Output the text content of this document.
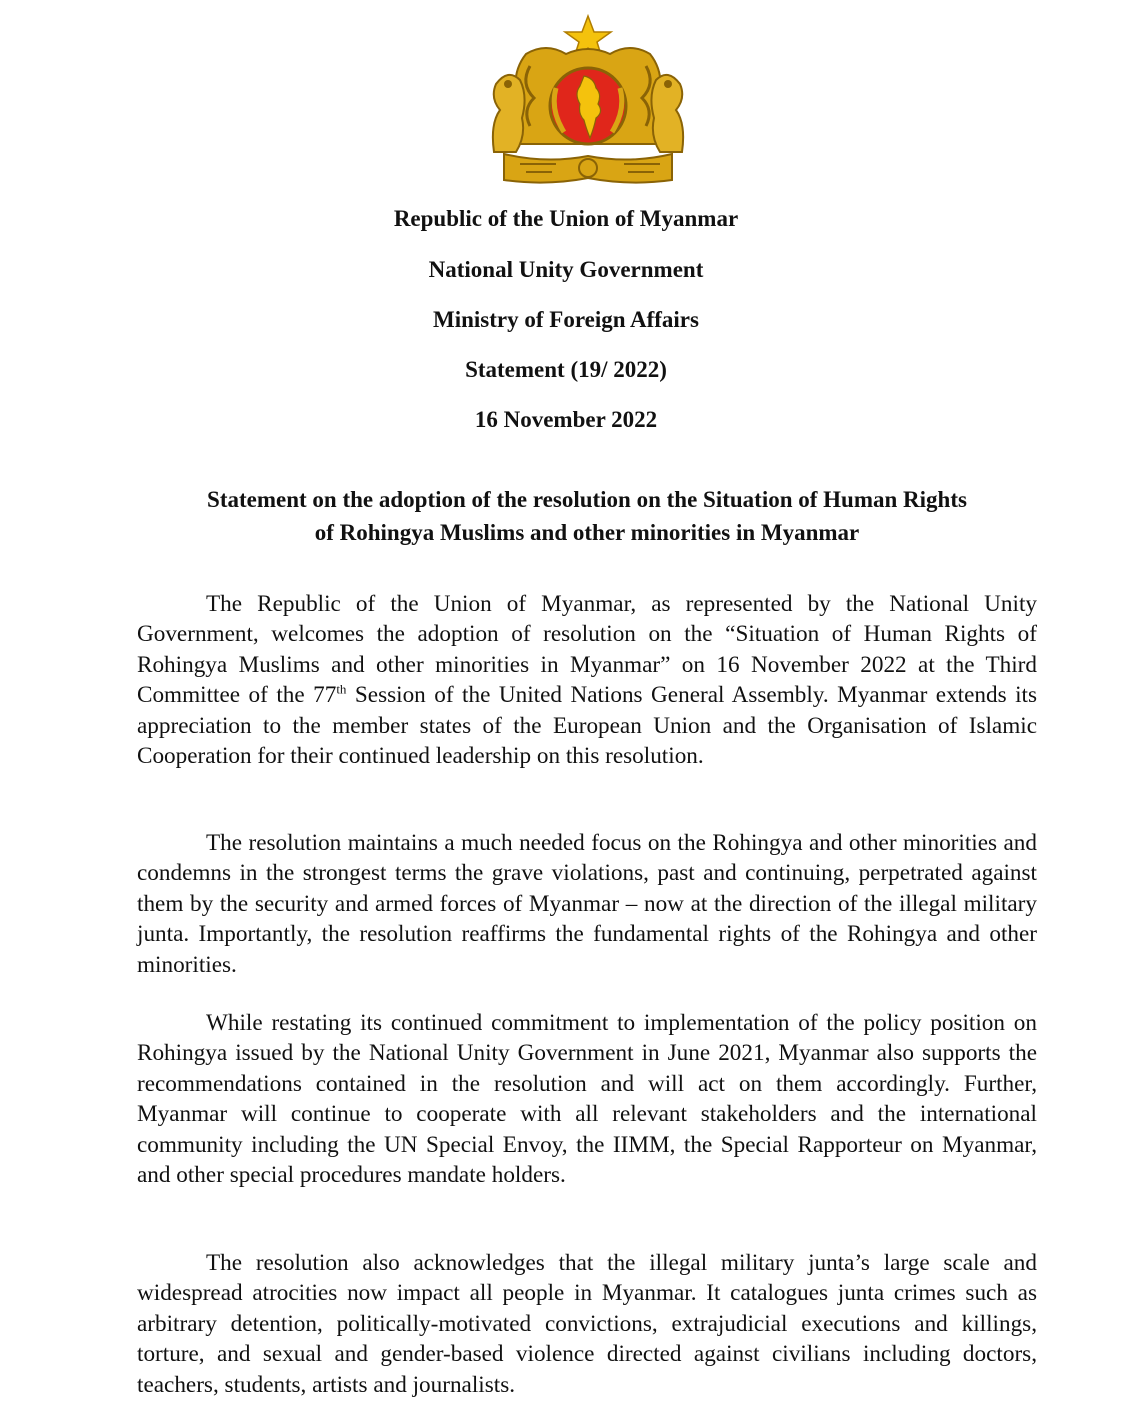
Republic of the Union of Myanmar
National Unity Government
Ministry of Foreign Affairs
Statement (19/ 2022)
16 November 2022
Statement on the adoption of the resolution on the Situation of Human Rights
of Rohingya Muslims and other minorities in Myanmar

The Republic of the Union of Myanmar, as represented by the National Unity Government, welcomes the adoption of resolution on the “Situation of Human Rights of Rohingya Muslims and other minorities in Myanmar” on 16 November 2022 at the Third Committee of the 77th Session of the United Nations General Assembly. Myanmar extends its appreciation to the member states of the European Union and the Organisation of Islamic Cooperation for their continued leadership on this resolution.

The resolution maintains a much needed focus on the Rohingya and other minorities and condemns in the strongest terms the grave violations, past and continuing, perpetrated against them by the security and armed forces of Myanmar – now at the direction of the illegal military junta. Importantly, the resolution reaffirms the fundamental rights of the Rohingya and other minorities.

While restating its continued commitment to implementation of the policy position on Rohingya issued by the National Unity Government in June 2021, Myanmar also supports the recommendations contained in the resolution and will act on them accordingly. Further, Myanmar will continue to cooperate with all relevant stakeholders and the international community including the UN Special Envoy, the IIMM, the Special Rapporteur on Myanmar, and other special procedures mandate holders.

The resolution also acknowledges that the illegal military junta’s large scale and widespread atrocities now impact all people in Myanmar. It catalogues junta crimes such as arbitrary detention, politically-motivated convictions, extrajudicial executions and killings, torture, and sexual and gender-based violence directed against civilians including doctors, teachers, students, artists and journalists.
